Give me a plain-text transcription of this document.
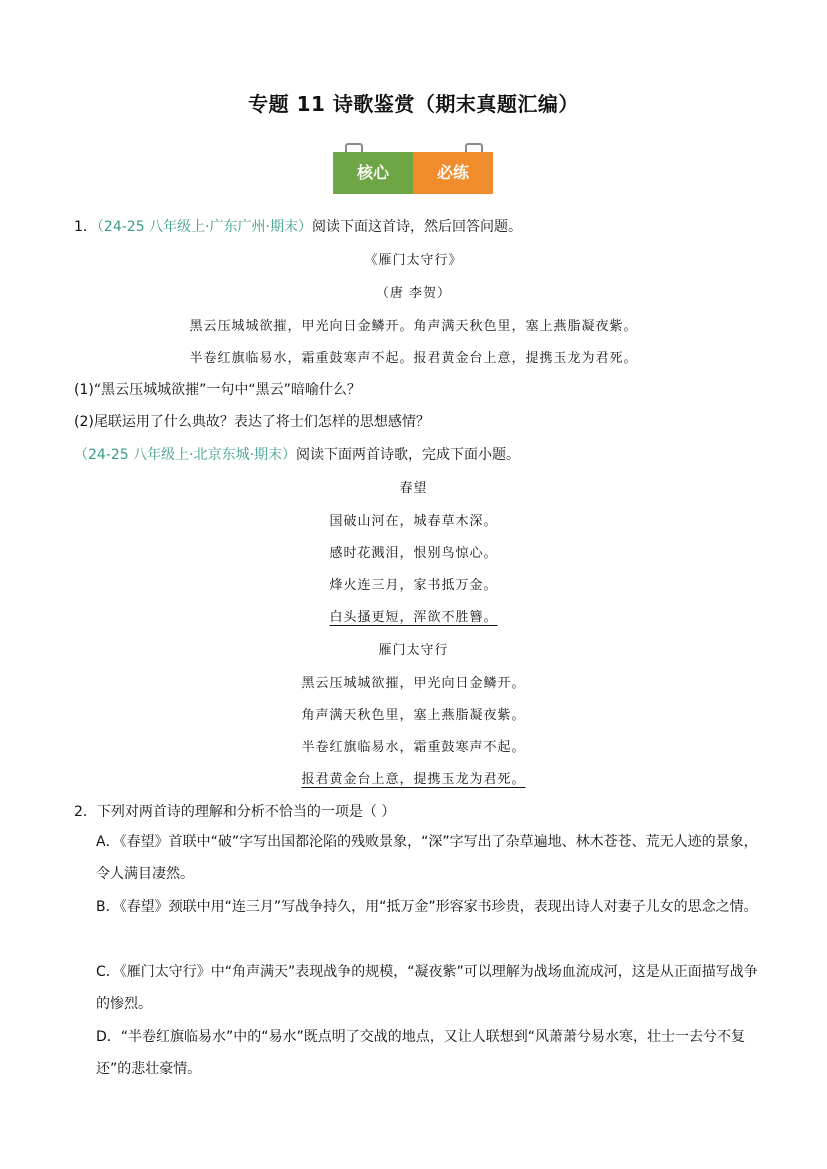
专题 11 诗歌鉴赏（期末真题汇编）
核心	必练
1．（24-25 八年级上·广东广州·期末）阅读下面这首诗，然后回答问题。
《雁门太守行》
（唐 李贺）
黑云压城城欲摧，甲光向日金鳞开。角声满天秋色里，塞上燕脂凝夜紫。
半卷红旗临易水，霜重鼓寒声不起。报君黄金台上意，提携玉龙为君死。
(1)“黑云压城城欲摧”一句中“黑云”暗喻什么？
(2)尾联运用了什么典故？表达了将士们怎样的思想感情？
（24-25 八年级上·北京东城·期末）阅读下面两首诗歌，完成下面小题。
春望
国破山河在，城春草木深。
感时花溅泪，恨别鸟惊心。
烽火连三月，家书抵万金。
白头搔更短，浑欲不胜簪。
雁门太守行
黑云压城城欲摧，甲光向日金鳞开。
角声满天秋色里，塞上燕脂凝夜紫。
半卷红旗临易水，霜重鼓寒声不起。
报君黄金台上意，提携玉龙为君死。
2．下列对两首诗的理解和分析不恰当的一项是（ ）
A．《春望》首联中“破”字写出国都沦陷的残败景象，“深”字写出了杂草遍地、林木苍苍、荒无人迹的景象，令人满目凄然。
B．《春望》颈联中用“连三月”写战争持久，用“抵万金”形容家书珍贵，表现出诗人对妻子儿女的思念之情。
C．《雁门太守行》中“角声满天”表现战争的规模，“凝夜紫”可以理解为战场血流成河，这是从正面描写战争的惨烈。
D．“半卷红旗临易水”中的“易水”既点明了交战的地点，又让人联想到“风萧萧兮易水寒，壮士一去兮不复还”的悲壮豪情。
